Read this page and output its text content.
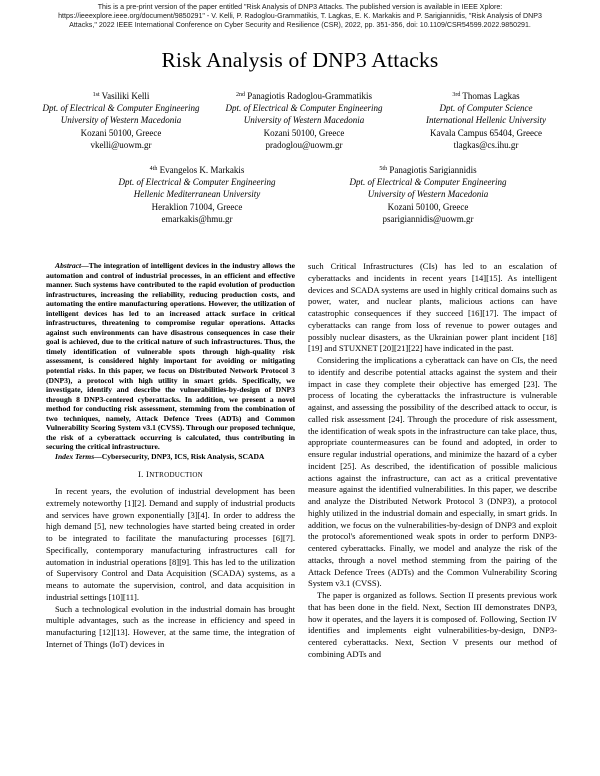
This is a pre-print version of the paper entitled "Risk Analysis of DNP3 Attacks. The published version is available in IEEE Xplore:
https://ieeexplore.ieee.org/document/9850291" - V. Kelli, P. Radoglou-Grammatikis, T. Lagkas, E. K. Markakis and P. Sarigiannidis, "Risk Analysis of DNP3
Attacks," 2022 IEEE International Conference on Cyber Security and Resilience (CSR), 2022, pp. 351-356, doi: 10.1109/CSR54599.2022.9850291.
Risk Analysis of DNP3 Attacks
$^{1st}$ Vasiliki Kelli
Dpt. of Electrical & Computer Engineering
University of Western Macedonia
Kozani 50100, Greece
vkelli@uowm.gr
$^{2nd}$ Panagiotis Radoglou-Grammatikis
Dpt. of Electrical & Computer Engineering
University of Western Macedonia
Kozani 50100, Greece
pradoglou@uowm.gr
$^{3rd}$ Thomas Lagkas
Dpt. of Computer Science
International Hellenic University
Kavala Campus 65404, Greece
tlagkas@cs.ihu.gr
$^{4th}$ Evangelos K. Markakis
Dpt. of Electrical & Computer Engineering
Hellenic Mediterranean University
Heraklion 71004, Greece
emarkakis@hmu.gr
$^{5th}$ Panagiotis Sarigiannidis
Dpt. of Electrical & Computer Engineering
University of Western Macedonia
Kozani 50100, Greece
psarigiannidis@uowm.gr

Abstract—The integration of intelligent devices in the industry allows the automation and control of industrial processes, in an efficient and effective manner. Such systems have contributed to the rapid evolution of production infrastructures, increasing the reliability, reducing production costs, and automating the entire manufacturing operations. However, the utilization of intelligent devices has led to an increased attack surface in critical infrastructures, threatening to compromise regular operations. Attacks against such environments can have disastrous consequences in case their goal is achieved, due to the critical nature of such infrastructures. Thus, the timely identification of vulnerable spots through high-quality risk assessment, is considered highly important for avoiding or mitigating potential risks. In this paper, we focus on Distributed Network Protocol 3 (DNP3), a protocol with high utility in smart grids. Specifically, we investigate, identify and describe the vulnerabilities-by-design of DNP3 through 8 DNP3-centered cyberattacks. In addition, we present a novel method for conducting risk assessment, stemming from the combination of two techniques, namely, Attack Defence Trees (ADTs) and Common Vulnerability Scoring System v3.1 (CVSS). Through our proposed technique, the risk of a cyberattack occurring is calculated, thus contributing in securing the critical infrastructure.

Index Terms—Cybersecurity, DNP3, ICS, Risk Analysis, SCADA

I. INTRODUCTION

In recent years, the evolution of industrial development has been extremely noteworthy [1][2]. Demand and supply of industrial products and services have grown exponentially [3][4]. In order to address the high demand [5], new technologies have started being created in order to be integrated to facilitate the manufacturing processes [6][7]. Specifically, contemporary manufacturing infrastructures call for automation in industrial operations [8][9]. This has led to the utilization of Supervisory Control and Data Acquisition (SCADA) systems, as a means to automate the supervision, control, and data acquisition in industrial settings [10][11].

Such a technological evolution in the industrial domain has brought multiple advantages, such as the increase in efficiency and speed in manufacturing [12][13]. However, at the same time, the integration of Internet of Things (IoT) devices in

such Critical Infrastructures (CIs) has led to an escalation of cyberattacks and incidents in recent years [14][15]. As intelligent devices and SCADA systems are used in highly critical domains such as power, water, and nuclear plants, malicious actions can have catastrophic consequences if they succeed [16][17]. The impact of cyberattacks can range from loss of revenue to power outages and possibly nuclear disasters, as the Ukrainian power plant incident [18][19] and STUXNET [20][21][22] have indicated in the past.

Considering the implications a cyberattack can have on CIs, the need to identify and describe potential attacks against the system and their impact in case they complete their objective has emerged [23]. The process of locating the cyberattacks the infrastructure is vulnerable against, and assessing the possibility of the described attack to occur, is called risk assessment [24]. Through the procedure of risk assessment, the identification of weak spots in the infrastructure can take place, thus, appropriate countermeasures can be found and adopted, in order to ensure regular industrial operations, and minimize the hazard of a cyber incident [25]. As described, the identification of possible malicious actions against the infrastructure, can act as a critical preventative measure against the identified vulnerabilities. In this paper, we describe and analyze the Distributed Network Protocol 3 (DNP3), a protocol highly utilized in the industrial domain and especially, in smart grids. In addition, we focus on the vulnerabilities-by-design of DNP3 and exploit the protocol's aforementioned weak spots in order to perform DNP3-centered cyberattacks. Finally, we model and analyze the risk of the attacks, through a novel method stemming from the pairing of the Attack Defence Trees (ADTs) and the Common Vulnerability Scoring System v3.1 (CVSS).

The paper is organized as follows. Section II presents previous work that has been done in the field. Next, Section III demonstrates DNP3, how it operates, and the layers it is composed of. Following, Section IV identifies and implements eight vulnerabilities-by-design, DNP3-centered cyberattacks. Next, Section V presents our method of combining ADTs and
